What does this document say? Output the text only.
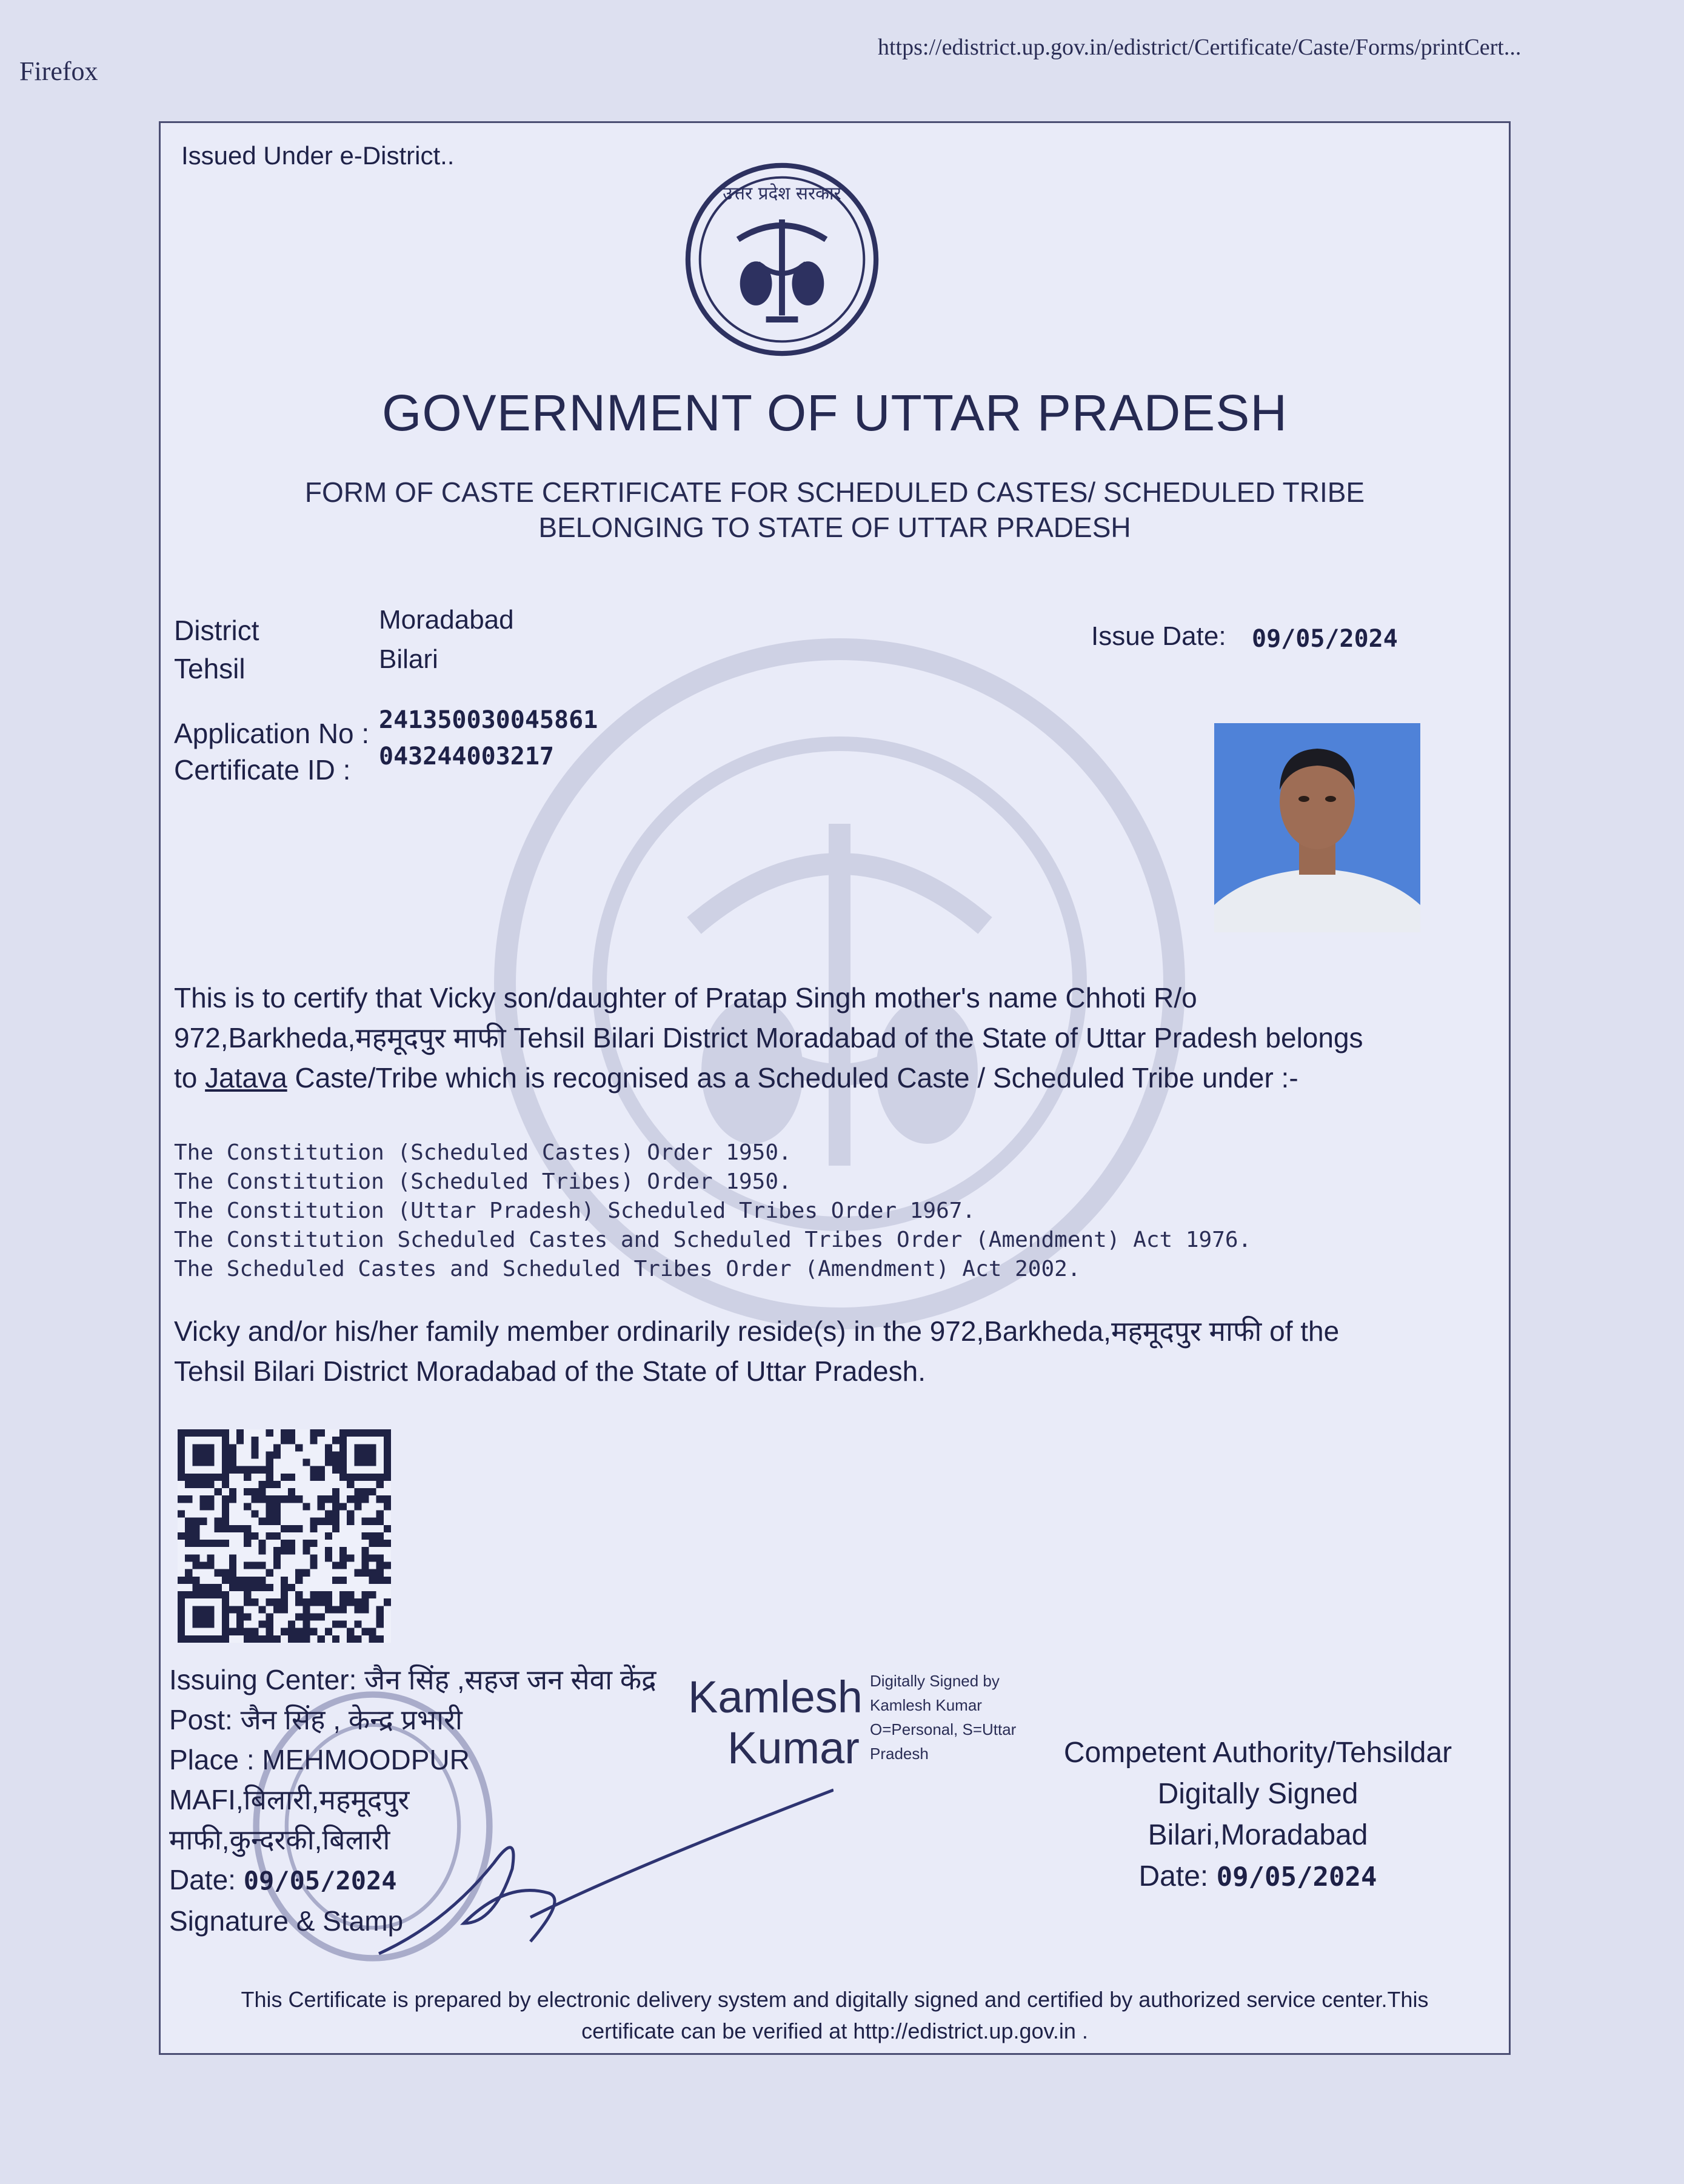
Firefox
https://edistrict.up.gov.in/edistrict/Certificate/Caste/Forms/printCert...
Issued Under e-District..
उत्तर प्रदेश सरकार
GOVERNMENT OF UTTAR PRADESH
FORM OF CASTE CERTIFICATE FOR SCHEDULED CASTES/ SCHEDULED TRIBE
BELONGING TO STATE OF UTTAR PRADESH
District	Moradabad
Tehsil	Bilari
Issue Date: 09/05/2024
Application No : 241350030045861
Certificate ID : 043244003217
This is to certify that Vicky son/daughter of Pratap Singh mother's name Chhoti R/o
972,Barkheda,महमूदपुर माफी Tehsil Bilari District Moradabad of the State of Uttar Pradesh belongs
to Jatava Caste/Tribe which is recognised as a Scheduled Caste / Scheduled Tribe under :-
The Constitution (Scheduled Castes) Order 1950.
The Constitution (Scheduled Tribes) Order 1950.
The Constitution (Uttar Pradesh) Scheduled Tribes Order 1967.
The Constitution Scheduled Castes and Scheduled Tribes Order (Amendment) Act 1976.
The Scheduled Castes and Scheduled Tribes Order (Amendment) Act 2002.
Vicky and/or his/her family member ordinarily reside(s) in the 972,Barkheda,महमूदपुर माफी of the
Tehsil Bilari District Moradabad of the State of Uttar Pradesh.
Issuing Center: जैन सिंह ,सहज जन सेवा केंद्र
Post: जैन सिंह , केन्द्र प्रभारी
Place : MEHMOODPUR
MAFI,बिलारी,महमूदपुर
माफी,कुन्दरकी,बिलारी
Date: 09/05/2024
Signature & Stamp
Kamlesh
Kumar
Digitally Signed by
Kamlesh Kumar
O=Personal, S=Uttar
Pradesh	Competent Authority/Tehsildar
Digitally Signed
Bilari,Moradabad
Date: 09/05/2024
This Certificate is prepared by electronic delivery system and digitally signed and certified by authorized service center.This
certificate can be verified at http://edistrict.up.gov.in .
